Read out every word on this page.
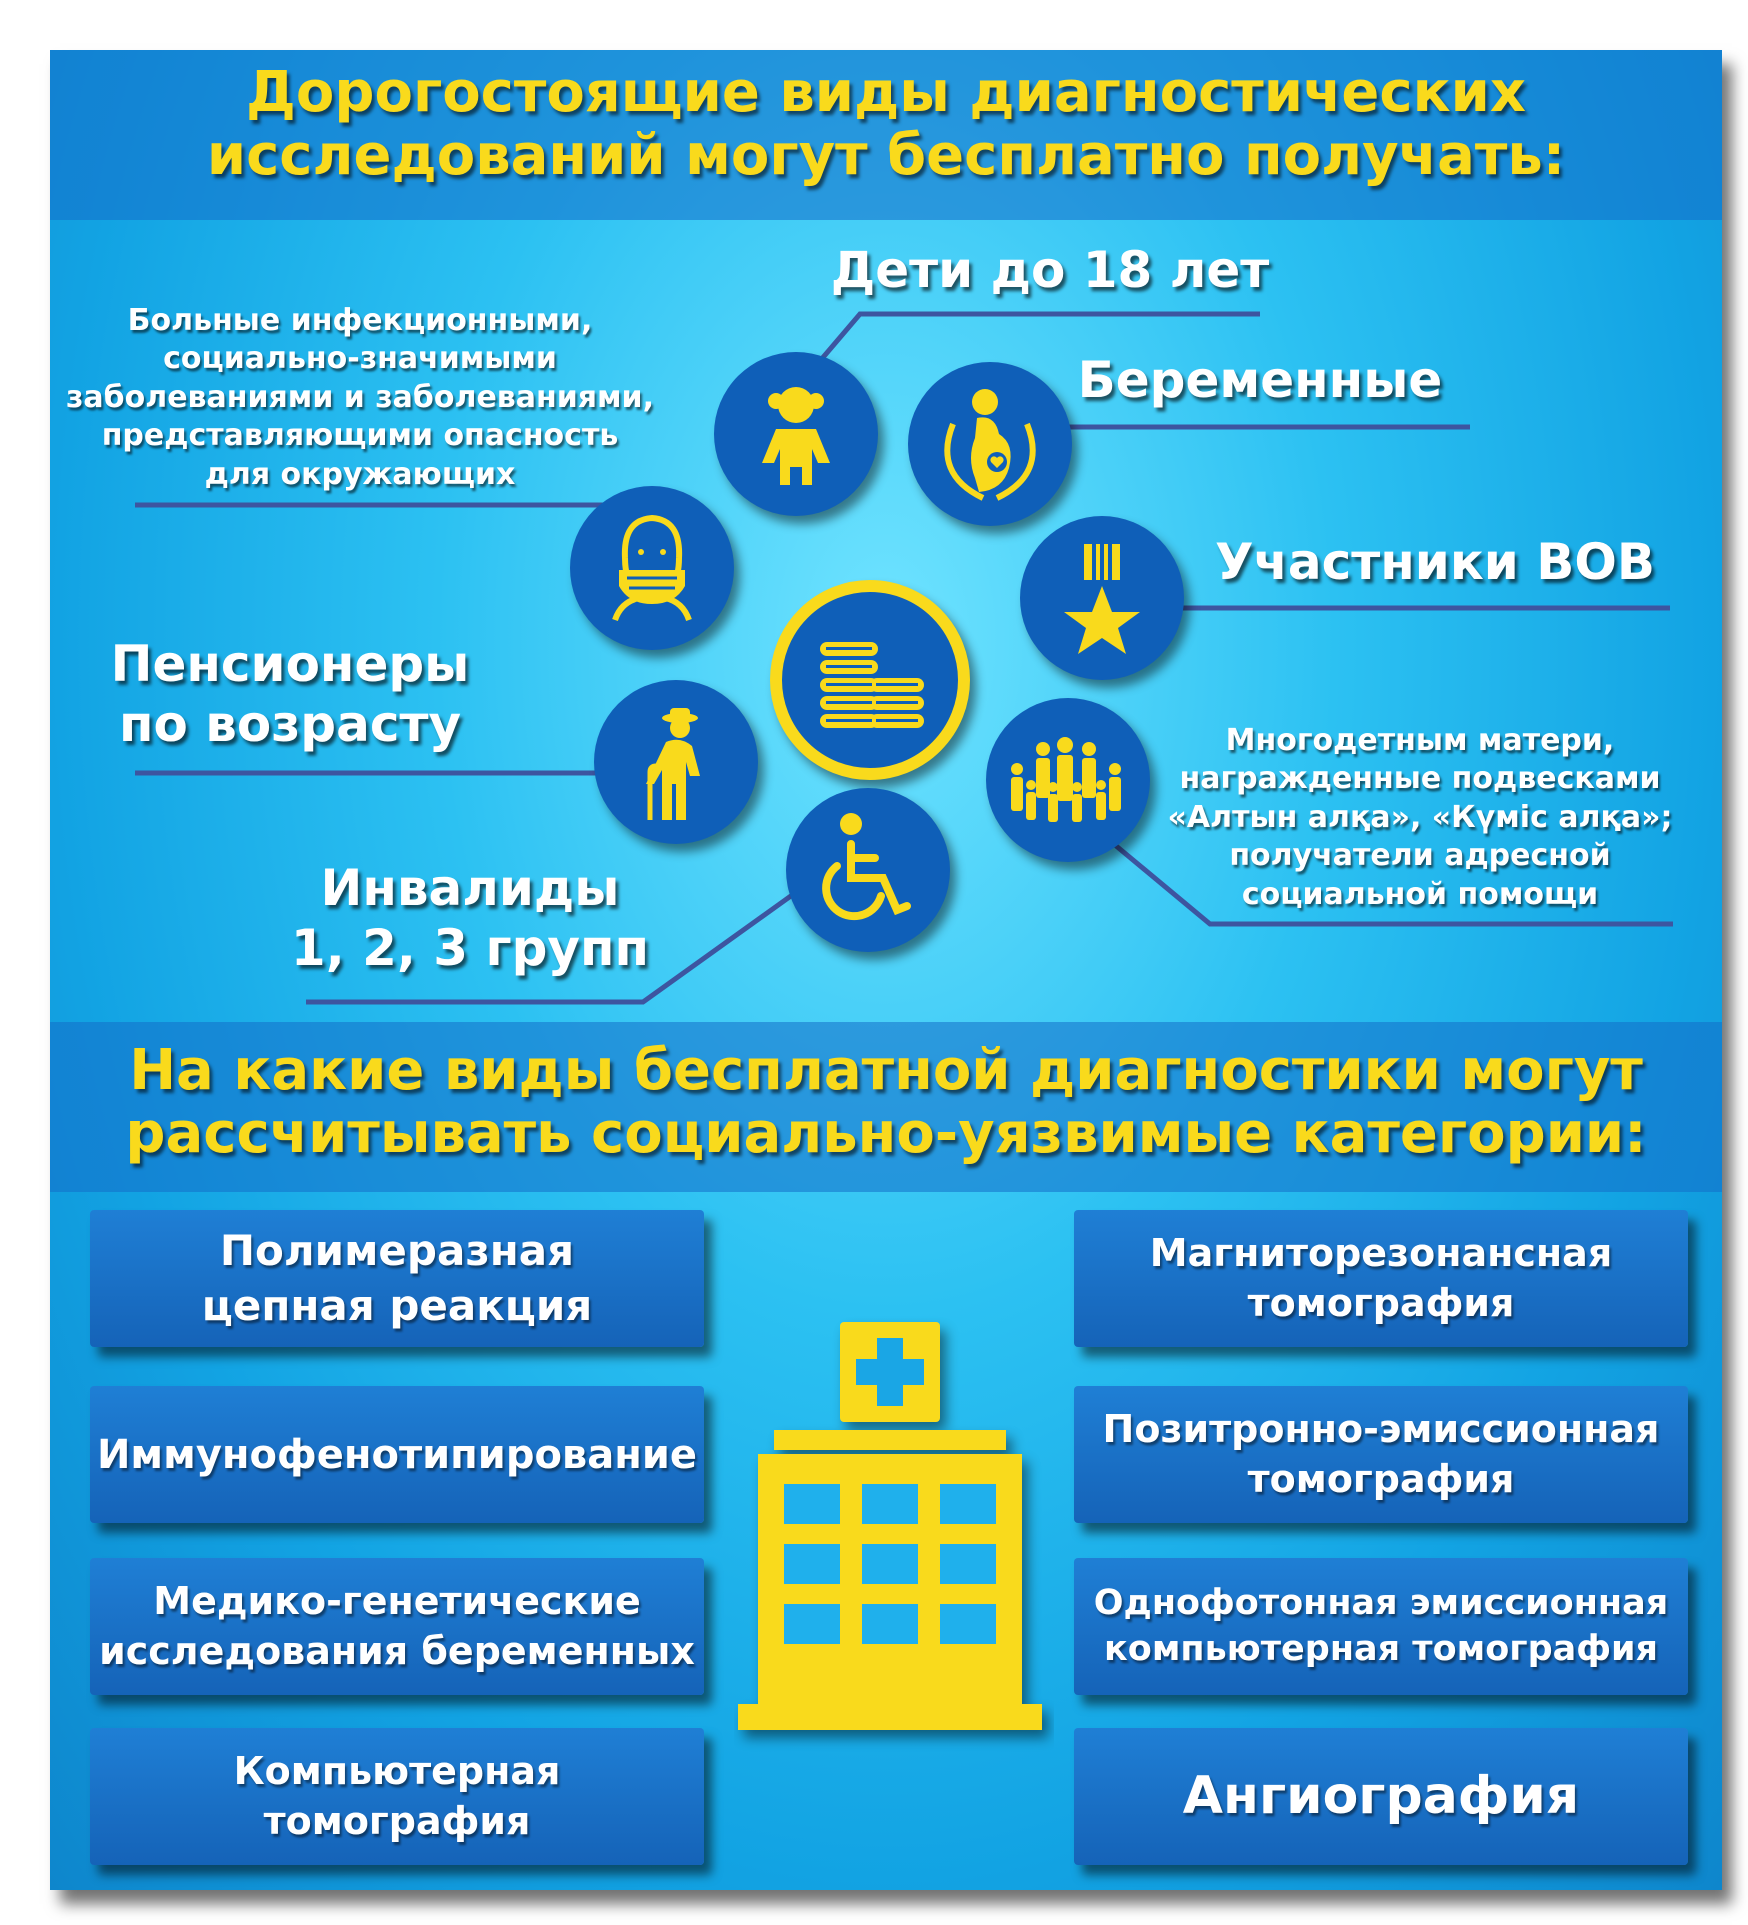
Дорогостоящие виды диагностических
исследований могут бесплатно получать:
Дети до 18 лет
Беременные
Участники ВОВ
Больные инфекционными,
социально-значимыми
заболеваниями и заболеваниями,
представляющими опасность
для окружающих
Пенсионеры
по возрасту
Инвалиды
1, 2, 3 групп
Многодетным матери,
награжденные подвесками
«Алтын алқа», «Күміс алқа»;
получатели адресной
социальной помощи
На какие виды бесплатной диагностики могут
рассчитывать социально-уязвимые категории:
Полимеразная
цепная реакция
Иммунофенотипирование
Медико-генетические
исследования беременных
Компьютерная
томография
Магниторезонансная
томография
Позитронно-эмиссионная
томография
Однофотонная эмиссионная
компьютерная томография
Ангиография
